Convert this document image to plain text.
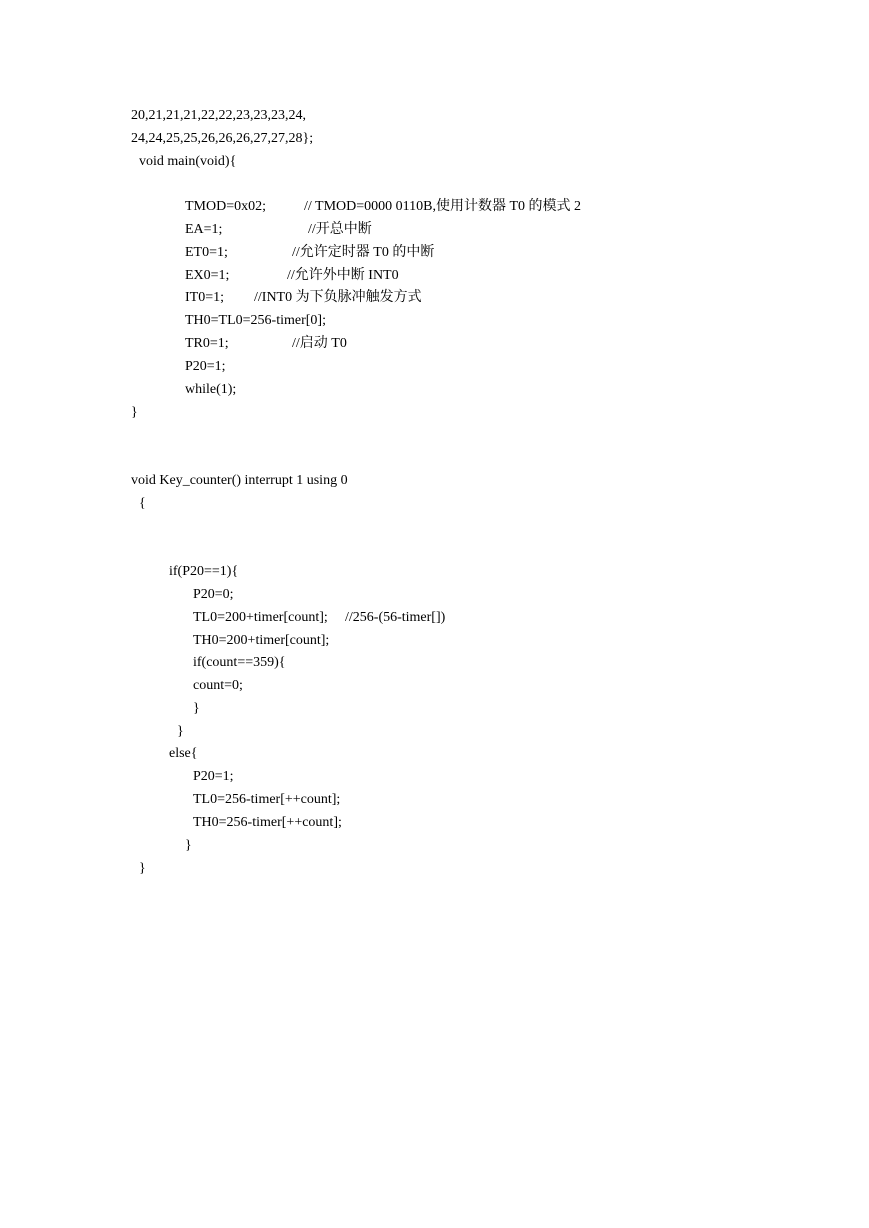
20,21,21,21,22,22,23,23,23,24,
24,24,25,25,26,26,26,27,27,28};
void main(void){

TMOD=0x02;

	// TMOD=0000 0110B,使用计数器 T0 的模式 2

EA=1;

	//开总中断

ET0=1;

	//允许定时器 T0 的中断

EX0=1;

	//允许外中断 INT0

IT0=1;

//INT0 为下负脉冲触发方式

TH0=TL0=256-timer[0];

TR0=1;

	//启动 T0

P20=1;
while(1);
}
void Key_counter() interrupt 1 using 0
{
if(P20==1){
P20=0;

TL0=200+timer[count];

//256-(56-timer[])

TH0=200+timer[count];
if(count==359){
count=0;
}
}
else{
P20=1;
TL0=256-timer[++count];
TH0=256-timer[++count];
}
}
